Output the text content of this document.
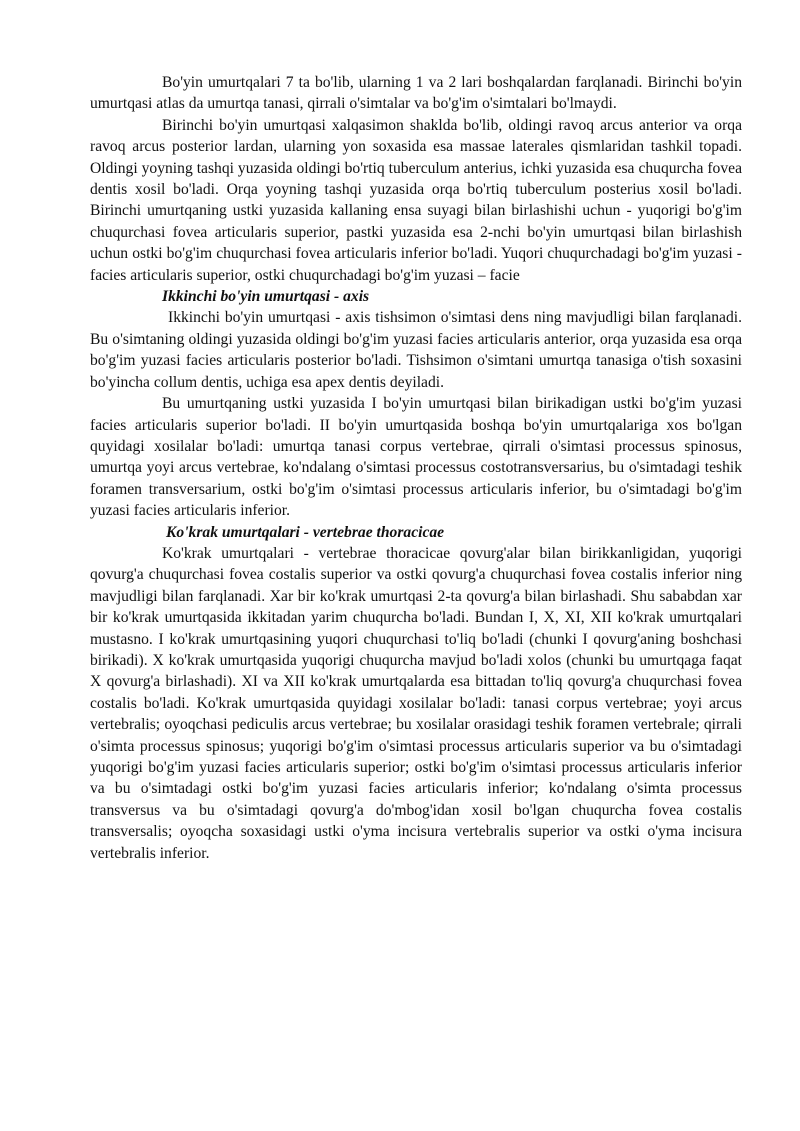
Bo'yin umurtqalari 7 ta bo'lib, ularning 1 va 2 lari boshqalardan farqlanadi. Birinchi bo'yin umurtqasi atlas da umurtqa tanasi, qirrali o'simtalar va bo'g'im o'simtalari bo'lmaydi.

Birinchi bo'yin umurtqasi xalqasimon shaklda bo'lib, oldingi ravoq arcus anterior va orqa ravoq arcus posterior lardan, ularning yon soxasida esa massae laterales qismlaridan tashkil topadi. Oldingi yoyning tashqi yuzasida oldingi bo'rtiq tuberculum anterius, ichki yuzasida esa chuqurcha fovea dentis xosil bo'ladi. Orqa yoyning tashqi yuzasida orqa bo'rtiq tuberculum posterius xosil bo'ladi. Birinchi umurtqaning ustki yuzasida kallaning ensa suyagi bilan birlashishi uchun - yuqorigi bo'g'im chuqurchasi fovea articularis superior, pastki yuzasida esa 2-nchi bo'yin umurtqasi bilan birlashish uchun ostki bo'g'im chuqurchasi fovea articularis inferior bo'ladi. Yuqori chuqurchadagi bo'g'im yuzasi - facies articularis superior, ostki chuqurchadagi bo'g'im yuzasi – facie

Ikkinchi bo'yin umurtqasi - axis

Ikkinchi bo'yin umurtqasi - axis tishsimon o'simtasi dens ning mavjudligi bilan farqlanadi. Bu o'simtaning oldingi yuzasida oldingi bo'g'im yuzasi facies articularis anterior, orqa yuzasida esa orqa bo'g'im yuzasi facies articularis posterior bo'ladi. Tishsimon o'simtani umurtqa tanasiga o'tish soxasini bo'yincha collum dentis, uchiga esa apex dentis deyiladi.

Bu umurtqaning ustki yuzasida I bo'yin umurtqasi bilan birikadigan ustki bo'g'im yuzasi facies articularis superior bo'ladi. II bo'yin umurtqasida boshqa bo'yin umurtqalariga xos bo'lgan quyidagi xosilalar bo'ladi: umurtqa tanasi corpus vertebrae, qirrali o'simtasi processus spinosus, umurtqa yoyi arcus vertebrae, ko'ndalang o'simtasi processus costotransversarius, bu o'simtadagi teshik foramen transversarium, ostki bo'g'im o'simtasi processus articularis inferior, bu o'simtadagi bo'g'im yuzasi facies articularis inferior.

Ko'krak umurtqalari - vertebrae thoracicae

Ko'krak umurtqalari - vertebrae thoracicae qovurg'alar bilan birikkanligidan, yuqorigi qovurg'a chuqurchasi fovea costalis superior va ostki qovurg'a chuqurchasi fovea costalis inferior ning mavjudligi bilan farqlanadi. Xar bir ko'krak umurtqasi 2-ta qovurg'a bilan birlashadi. Shu sababdan xar bir ko'krak umurtqasida ikkitadan yarim chuqurcha bo'ladi. Bundan I, X, XI, XII ko'krak umurtqalari mustasno. I ko'krak umurtqasining yuqori chuqurchasi to'liq bo'ladi (chunki I qovurg'aning boshchasi birikadi). X ko'krak umurtqasida yuqorigi chuqurcha mavjud bo'ladi xolos (chunki bu umurtqaga faqat X qovurg'a birlashadi). XI va XII ko'krak umurtqalarda esa bittadan to'liq qovurg'a chuqurchasi fovea costalis bo'ladi. Ko'krak umurtqasida quyidagi xosilalar bo'ladi: tanasi corpus vertebrae; yoyi arcus vertebralis; oyoqchasi pediculis arcus vertebrae; bu xosilalar orasidagi teshik foramen vertebrale; qirrali o'simta processus spinosus; yuqorigi bo'g'im o'simtasi processus articularis superior va bu o'simtadagi yuqorigi bo'g'im yuzasi facies articularis superior; ostki bo'g'im o'simtasi processus articularis inferior va bu o'simtadagi ostki bo'g'im yuzasi facies articularis inferior; ko'ndalang o'simta processus transversus va bu o'simtadagi qovurg'a do'mbog'idan xosil bo'lgan chuqurcha fovea costalis transversalis; oyoqcha soxasidagi ustki o'yma incisura vertebralis superior va ostki o'yma incisura vertebralis inferior.
